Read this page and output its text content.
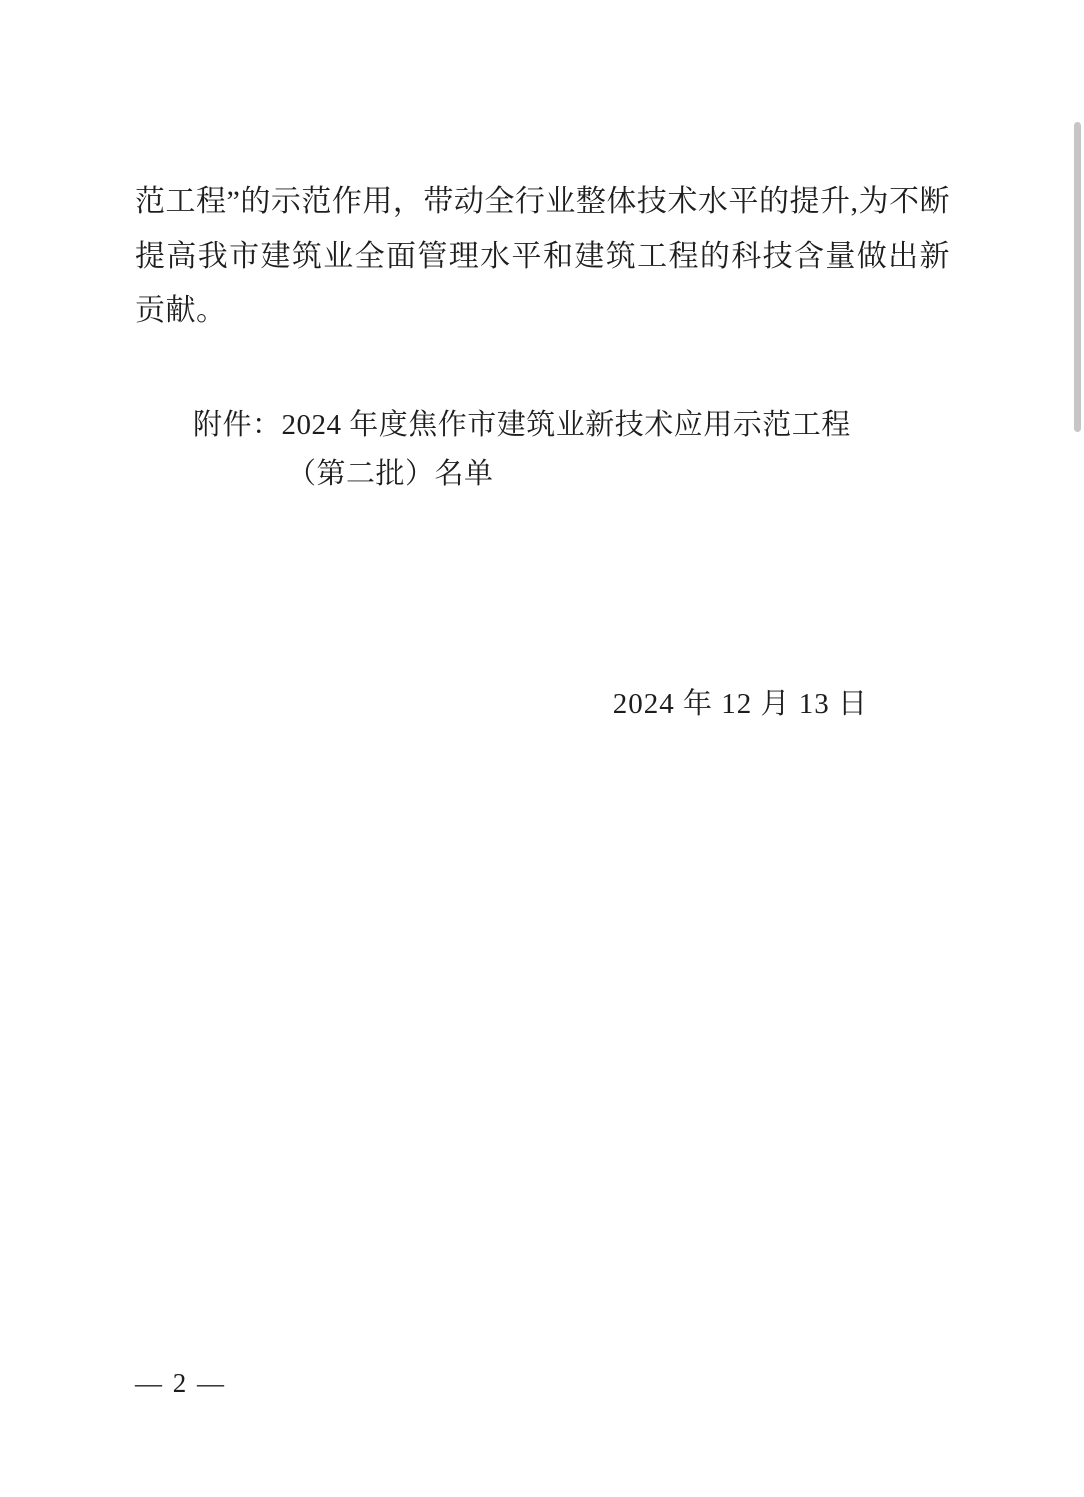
范工程”的示范作用，带动全行业整体技术水平的提升,为不断提高我市建筑业全面管理水平和建筑工程的科技含量做出新贡献。

附件：2024 年度焦作市建筑业新技术应用示范工程
（第二批）名单
2024 年 12 月 13 日
— 2 —
